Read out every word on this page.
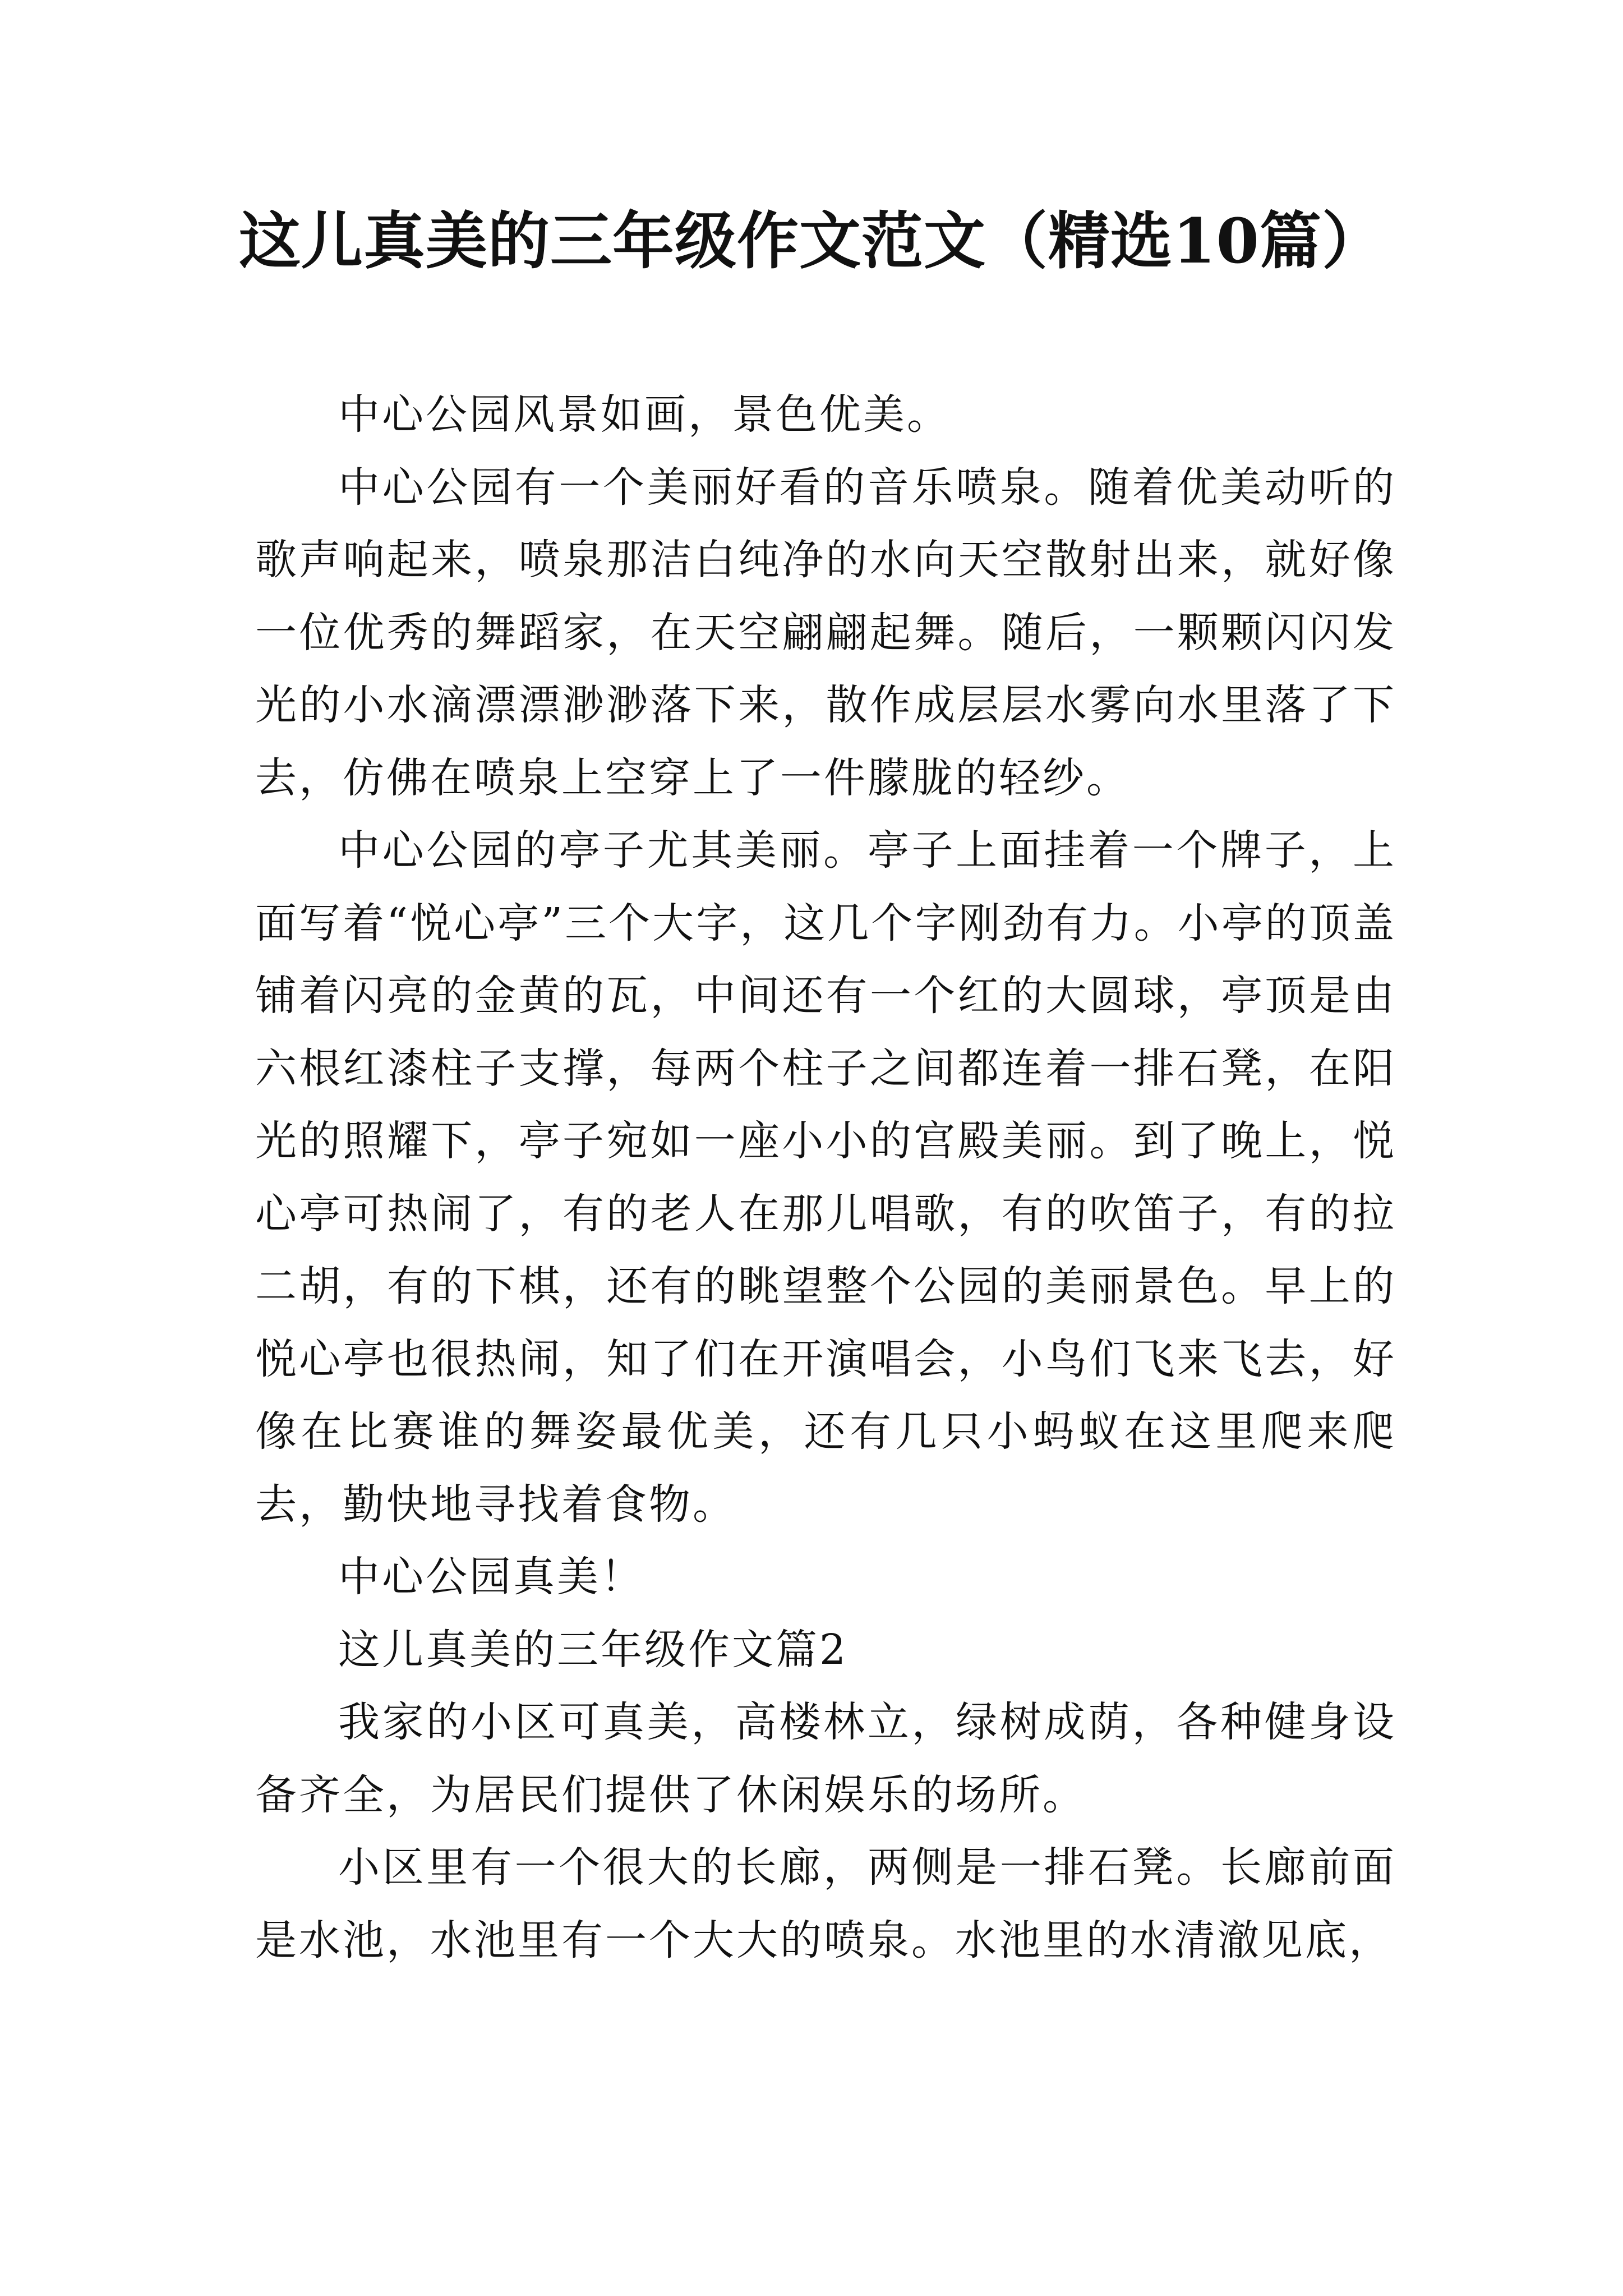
这儿真美的三年级作文范文（精选10篇）

中心公园风景如画，景色优美。

中心公园有一个美丽好看的音乐喷泉。随着优美动听的歌声响起来，喷泉那洁白纯净的水向天空散射出来，就好像一位优秀的舞蹈家，在天空翩翩起舞。随后，一颗颗闪闪发光的小水滴漂漂渺渺落下来，散作成层层水雾向水里落了下去，仿佛在喷泉上空穿上了一件朦胧的轻纱。

中心公园的亭子尤其美丽。亭子上面挂着一个牌子，上面写着“悦心亭”三个大字，这几个字刚劲有力。小亭的顶盖铺着闪亮的金黄的瓦，中间还有一个红的大圆球，亭顶是由六根红漆柱子支撑，每两个柱子之间都连着一排石凳，在阳光的照耀下，亭子宛如一座小小的宫殿美丽。到了晚上，悦心亭可热闹了，有的老人在那儿唱歌，有的吹笛子，有的拉二胡，有的下棋，还有的眺望整个公园的美丽景色。早上的悦心亭也很热闹，知了们在开演唱会，小鸟们飞来飞去，好像在比赛谁的舞姿最优美，还有几只小蚂蚁在这里爬来爬去，勤快地寻找着食物。

中心公园真美！

这儿真美的三年级作文篇2

我家的小区可真美，高楼林立，绿树成荫，各种健身设备齐全，为居民们提供了休闲娱乐的场所。

小区里有一个很大的长廊，两侧是一排石凳。长廊前面是水池，水池里有一个大大的喷泉。水池里的水清澈见底，
